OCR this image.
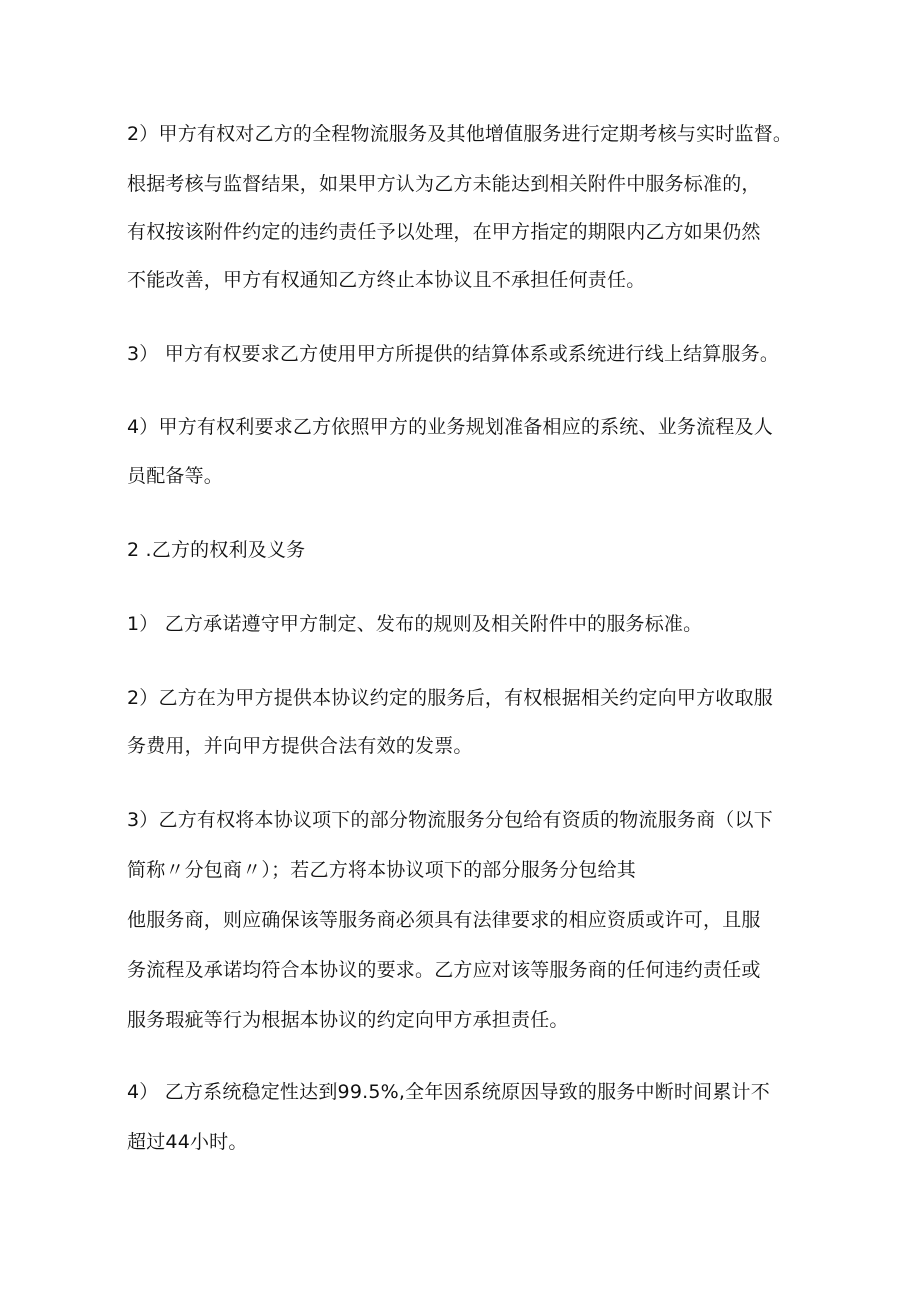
2）甲方有权对乙方的全程物流服务及其他增值服务进行定期考核与实时监督。
根据考核与监督结果，如果甲方认为乙方未能达到相关附件中服务标准的，
有权按该附件约定的违约责任予以处理，在甲方指定的期限内乙方如果仍然
不能改善，甲方有权通知乙方终止本协议且不承担任何责任。
3） 甲方有权要求乙方使用甲方所提供的结算体系或系统进行线上结算服务。
4）甲方有权利要求乙方依照甲方的业务规划准备相应的系统、业务流程及人
员配备等。
2 .乙方的权利及义务
1） 乙方承诺遵守甲方制定、发布的规则及相关附件中的服务标准。
2）乙方在为甲方提供本协议约定的服务后，有权根据相关约定向甲方收取服
务费用，并向甲方提供合法有效的发票。
3）乙方有权将本协议项下的部分物流服务分包给有资质的物流服务商（以下
简称〃分包商〃）；若乙方将本协议项下的部分服务分包给其
他服务商，则应确保该等服务商必须具有法律要求的相应资质或许可，且服
务流程及承诺均符合本协议的要求。乙方应对该等服务商的任何违约责任或
服务瑕疵等行为根据本协议的约定向甲方承担责任。
4） 乙方系统稳定性达到99.5%,全年因系统原因导致的服务中断时间累计不
超过44小时。
